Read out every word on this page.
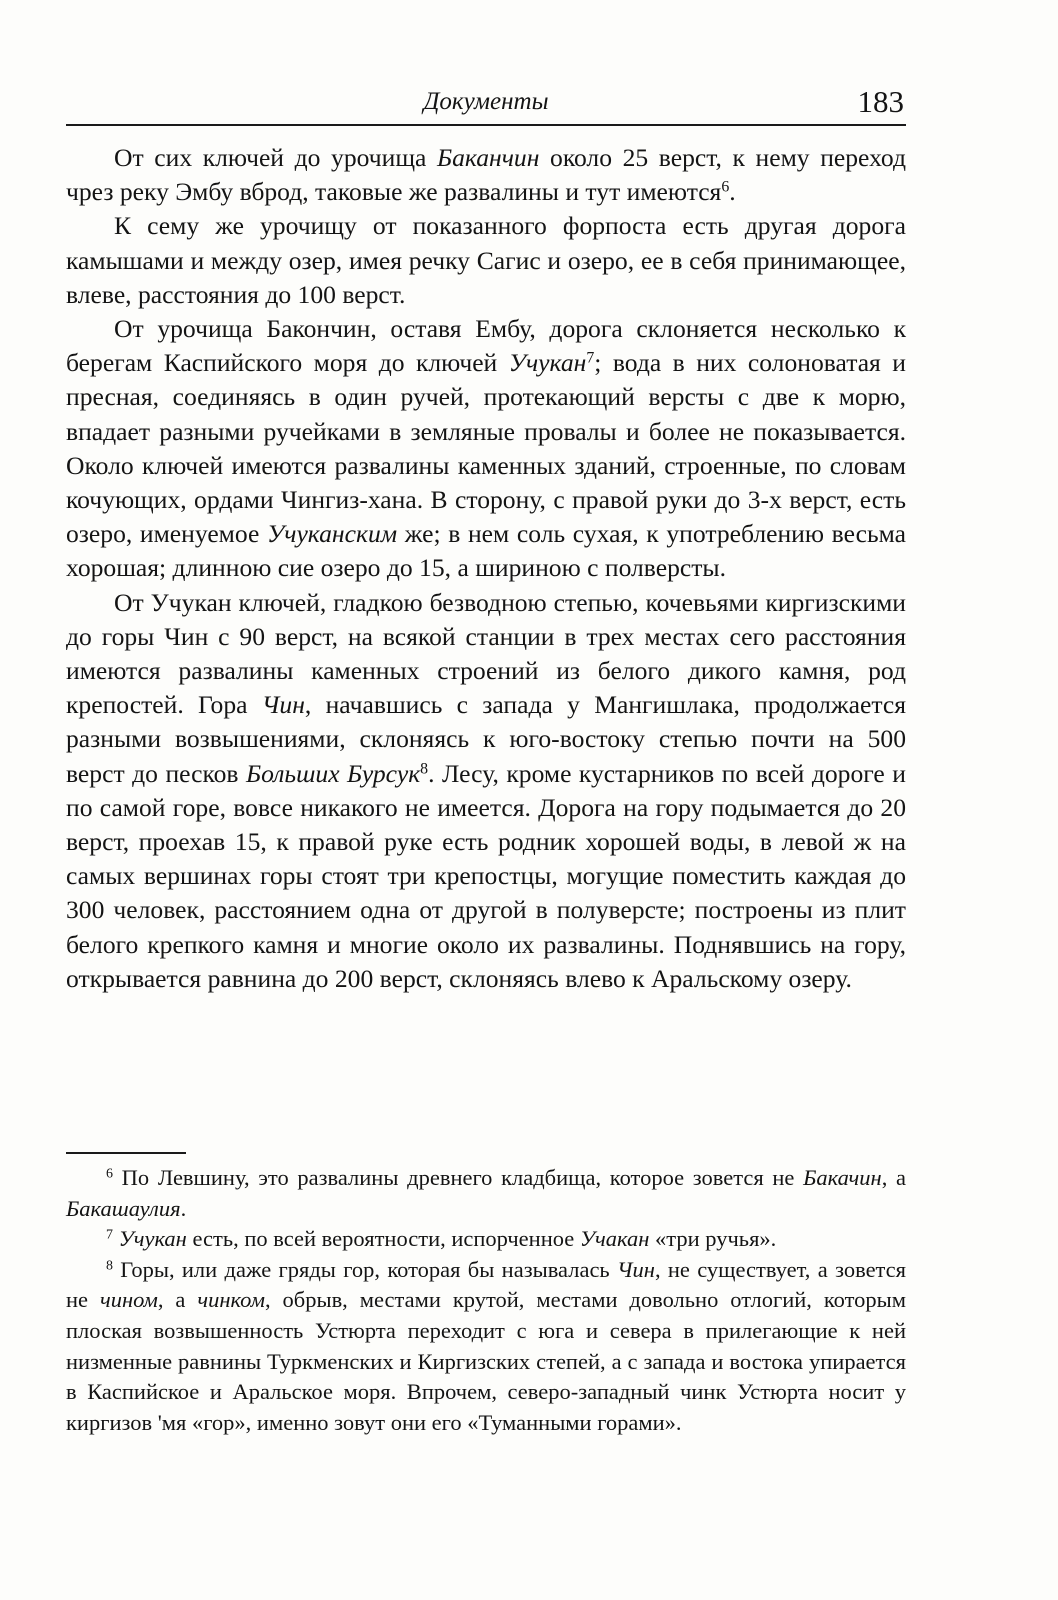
Документы	183

От сих ключей до урочища Баканчин около 25 верст, к нему переход чрез реку Эмбу вброд, таковые же развалины и тут имеются$^6$.

К сему же урочищу от показанного форпоста есть другая дорога камышами и между озер, имея речку Сагис и озеро, ее в себя принимающее, влеве, расстояния до 100 верст.

От урочища Бакончин, оставя Ембу, дорога склоняется несколько к берегам Каспийского моря до ключей Учукан$^7$; вода в них солоноватая и пресная, соединяясь в один ручей, протекающий версты с две к морю, впадает разными ручейками в земляные провалы и более не показывается. Около ключей имеются развалины каменных зданий, строенные, по словам кочующих, ордами Чингиз-хана. В сторону, с правой руки до 3-х верст, есть озеро, именуемое Учуканским же; в нем соль сухая, к употреблению весьма хорошая; длинною сие озеро до 15, а шириною с полверсты.

От Учукан ключей, гладкою безводною степью, кочевьями киргизскими до горы Чин с 90 верст, на всякой станции в трех местах сего расстояния имеются развалины каменных строений из белого дикого камня, род крепостей. Гора Чин, начавшись с запада у Мангишлака, продолжается разными возвышениями, склоняясь к юго-востоку степью почти на 500 верст до песков Больших Бурсук$^8$. Лесу, кроме кустарников по всей дороге и по самой горе, вовсе никакого не имеется. Дорога на гору подымается до 20 верст, проехав 15, к правой руке есть родник хорошей воды, в левой ж на самых вершинах горы стоят три крепостцы, могущие поместить каждая до 300 человек, расстоянием одна от другой в полуверсте; построены из плит белого крепкого камня и многие около их развалины. Поднявшись на гору, открывается равнина до 200 верст, склоняясь влево к Аральскому озеру.

$^6$ По Левшину, это развалины древнего кладбища, которое зовется не Бакачин, а Бакашаулия.

$^7$ Учукан есть, по всей вероятности, испорченное Учакан «три ручья».

$^8$ Горы, или даже гряды гор, которая бы называлась Чин, не существует, а зовется не чином, а чинком, обрыв, местами крутой, местами довольно отлогий, которым плоская возвышенность Устюрта переходит с юга и севера в прилегающие к ней низменные равнины Туркменских и Киргизских степей, а с запада и востока упирается в Каспийское и Аральское моря. Впрочем, северо-западный чинк Устюрта носит у киргизов 'мя «гор», именно зовут они его «Туманными горами».
